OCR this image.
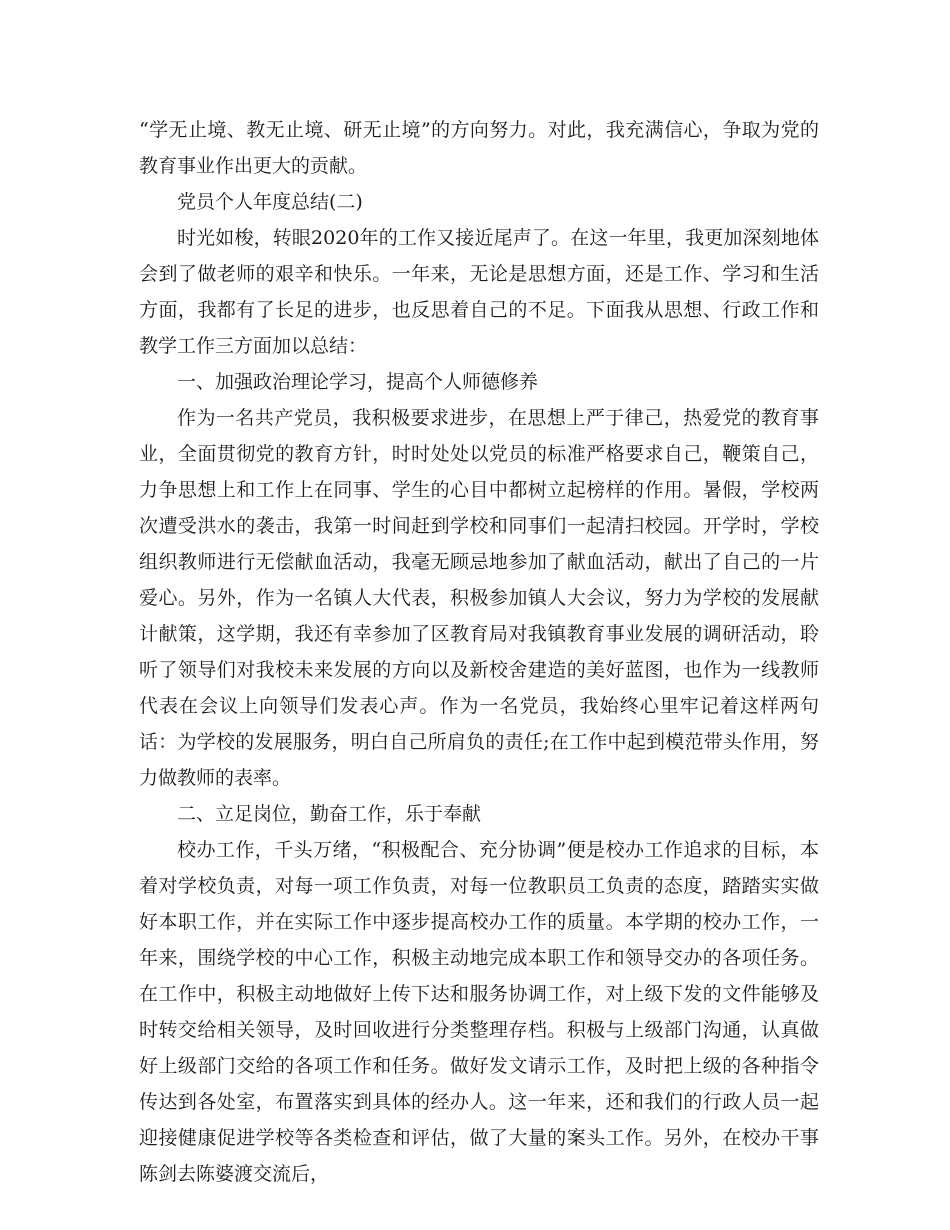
“学无止境、教无止境、研无止境”的方向努力。对此，我充满信心，争取为党的教育事业作出更大的贡献。

党员个人年度总结(二)

时光如梭，转眼2020年的工作又接近尾声了。在这一年里，我更加深刻地体会到了做老师的艰辛和快乐。一年来，无论是思想方面，还是工作、学习和生活方面，我都有了长足的进步，也反思着自己的不足。下面我从思想、行政工作和教学工作三方面加以总结：

一、加强政治理论学习，提高个人师德修养

作为一名共产党员，我积极要求进步，在思想上严于律己，热爱党的教育事业，全面贯彻党的教育方针，时时处处以党员的标准严格要求自己，鞭策自己，力争思想上和工作上在同事、学生的心目中都树立起榜样的作用。暑假，学校两次遭受洪水的袭击，我第一时间赶到学校和同事们一起清扫校园。开学时，学校组织教师进行无偿献血活动，我毫无顾忌地参加了献血活动，献出了自己的一片爱心。另外，作为一名镇人大代表，积极参加镇人大会议，努力为学校的发展献计献策，这学期，我还有幸参加了区教育局对我镇教育事业发展的调研活动，聆听了领导们对我校未来发展的方向以及新校舍建造的美好蓝图，也作为一线教师代表在会议上向领导们发表心声。作为一名党员，我始终心里牢记着这样两句话：为学校的发展服务，明白自己所肩负的责任;在工作中起到模范带头作用，努力做教师的表率。

二、立足岗位，勤奋工作，乐于奉献

校办工作，千头万绪，“积极配合、充分协调”便是校办工作追求的目标，本着对学校负责，对每一项工作负责，对每一位教职员工负责的态度，踏踏实实做好本职工作，并在实际工作中逐步提高校办工作的质量。本学期的校办工作，一年来，围绕学校的中心工作，积极主动地完成本职工作和领导交办的各项任务。在工作中，积极主动地做好上传下达和服务协调工作，对上级下发的文件能够及时转交给相关领导，及时回收进行分类整理存档。积极与上级部门沟通，认真做好上级部门交给的各项工作和任务。做好发文请示工作，及时把上级的各种指令传达到各处室，布置落实到具体的经办人。这一年来，还和我们的行政人员一起迎接健康促进学校等各类检查和评估，做了大量的案头工作。另外，在校办干事陈剑去陈婆渡交流后，
